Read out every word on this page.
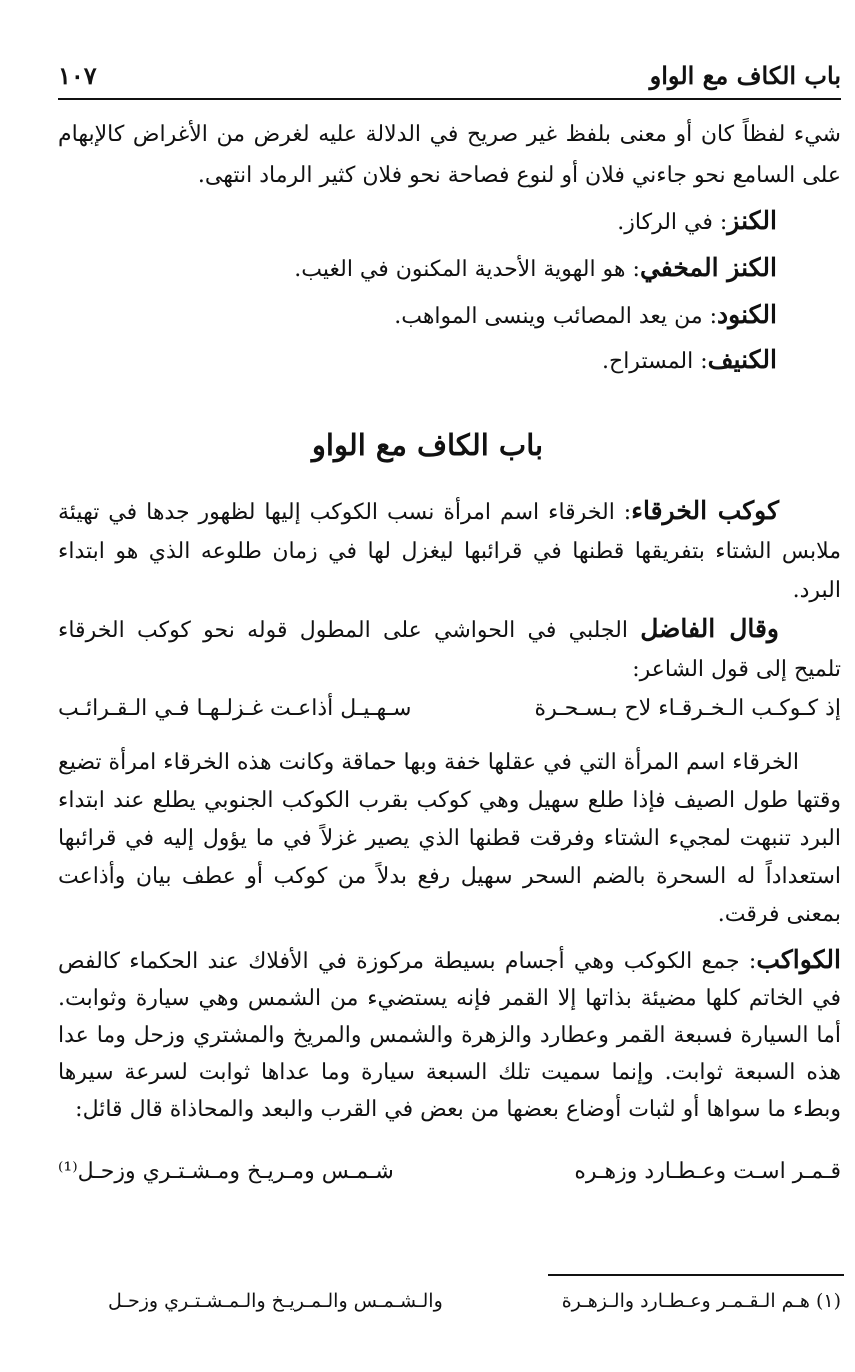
باب الكاف مع الواو
١٠٧
شيء لفظاً كان أو معنى بلفظ غير صريح في الدلالة عليه لغرض من الأغراض كالإبهام على السامع نحو جاءني فلان أو لنوع فصاحة نحو فلان كثير الرماد انتهى.
الكنز: في الركاز.
الكنز المخفي: هو الهوية الأحدية المكنون في الغيب.
الكنود: من يعد المصائب وينسى المواهب.
الكنيف: المستراح.
باب الكاف مع الواو
كوكب الخرقاء: الخرقاء اسم امرأة نسب الكوكب إليها لظهور جدها في تهيئة ملابس الشتاء بتفريقها قطنها في قرائبها ليغزل لها في زمان طلوعه الذي هو ابتداء البرد.
وقال الفاضل الجلبي في الحواشي على المطول قوله نحو كوكب الخرقاء تلميح إلى قول الشاعر:
إذ كـوكـب الـخـرقـاء لاح بـسـحـرة
سـهـيـل أذاعـت غـزلـهـا فـي الـقـرائـب
الخرقاء اسم المرأة التي في عقلها خفة وبها حماقة وكانت هذه الخرقاء امرأة تضيع وقتها طول الصيف فإذا طلع سهيل وهي كوكب بقرب الكوكب الجنوبي يطلع عند ابتداء البرد تنبهت لمجيء الشتاء وفرقت قطنها الذي يصير غزلاً في ما يؤول إليه في قرائبها استعداداً له السحرة بالضم السحر سهيل رفع بدلاً من كوكب أو عطف بيان وأذاعت بمعنى فرقت.
الكواكب: جمع الكوكب وهي أجسام بسيطة مركوزة في الأفلاك عند الحكماء كالفص في الخاتم كلها مضيئة بذاتها إلا القمر فإنه يستضيء من الشمس وهي سيارة وثوابت. أما السيارة فسبعة القمر وعطارد والزهرة والشمس والمريخ والمشتري وزحل وما عدا هذه السبعة ثوابت. وإنما سميت تلك السبعة سيارة وما عداها ثوابت لسرعة سيرها وبطء ما سواها أو لثبات أوضاع بعضها من بعض في القرب والبعد والمحاذاة قال قائل:
قـمـر اسـت وعـطـارد وزهـره
شـمـس ومـريـخ ومـشـتـري وزحـل⁽¹⁾
(١) هـم الـقـمـر وعـطـارد والـزهـرة
والـشـمـس والـمـريـخ والـمـشـتـري وزحـل
